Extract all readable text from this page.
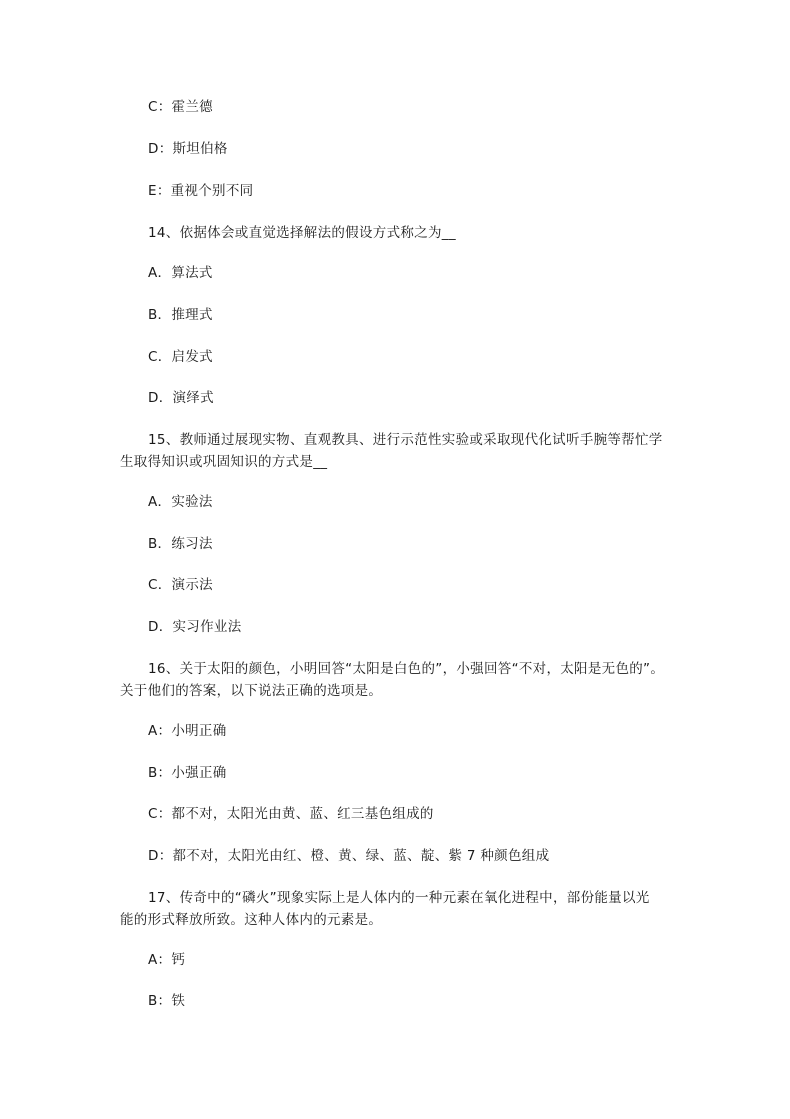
C：霍兰德
D：斯坦伯格
E：重视个别不同
14、依据体会或直觉选择解法的假设方式称之为__
A．算法式
B．推理式
C．启发式
D．演绎式
15、教师通过展现实物、直观教具、进行示范性实验或采取现代化试听手腕等帮忙学
生取得知识或巩固知识的方式是__
A．实验法
B．练习法
C．演示法
D．实习作业法
16、关于太阳的颜色，小明回答“太阳是白色的”，小强回答“不对，太阳是无色的”。
关于他们的答案，以下说法正确的选项是。
A：小明正确
B：小强正确
C：都不对，太阳光由黄、蓝、红三基色组成的
D：都不对，太阳光由红、橙、黄、绿、蓝、靛、紫 7 种颜色组成
17、传奇中的“磷火”现象实际上是人体内的一种元素在氧化进程中，部份能量以光
能的形式释放所致。这种人体内的元素是。
A：钙
B：铁
